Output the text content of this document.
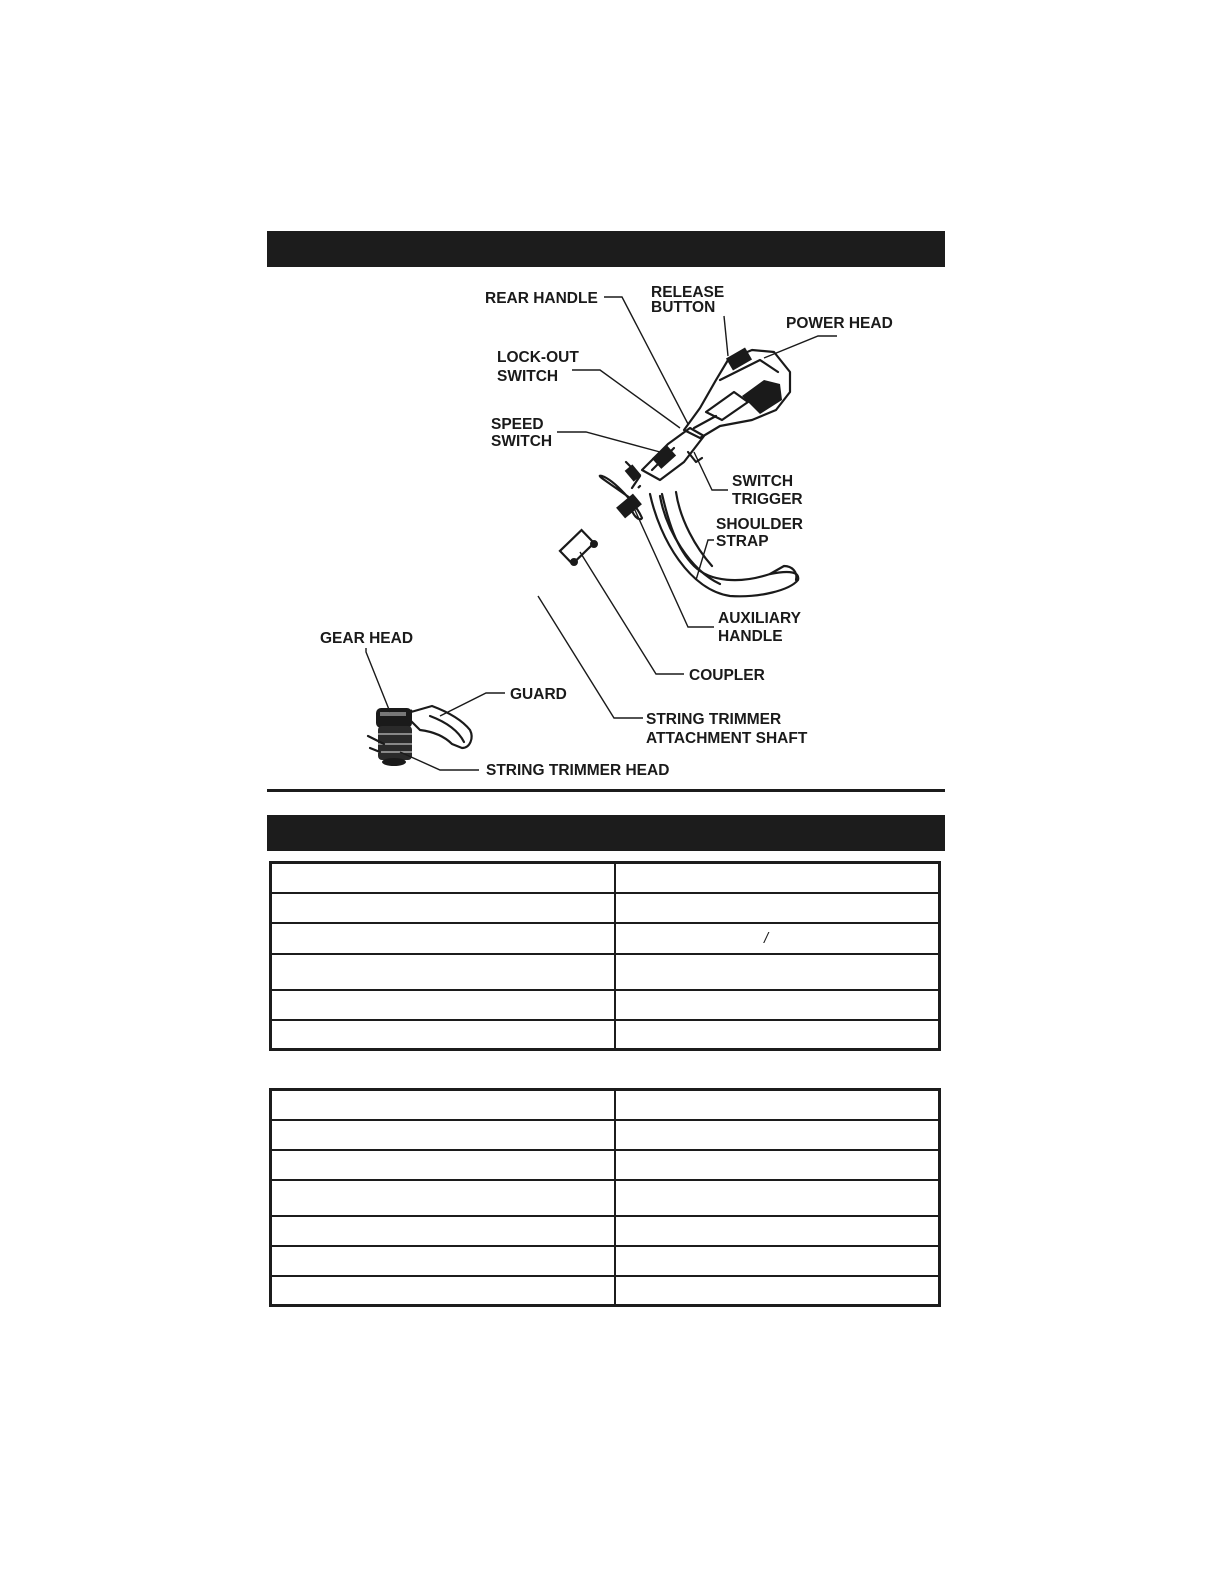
REAR HANDLE	RELEASE
BUTTON
POWER HEAD
LOCK-OUT
SWITCH
SPEED
SWITCH
SWITCH
TRIGGER
SHOULDER
STRAP
AUXILIARY
HANDLE
GEAR HEAD
COUPLER
GUARD
STRING TRIMMER
ATTACHMENT SHAFT
STRING TRIMMER HEAD

	/
